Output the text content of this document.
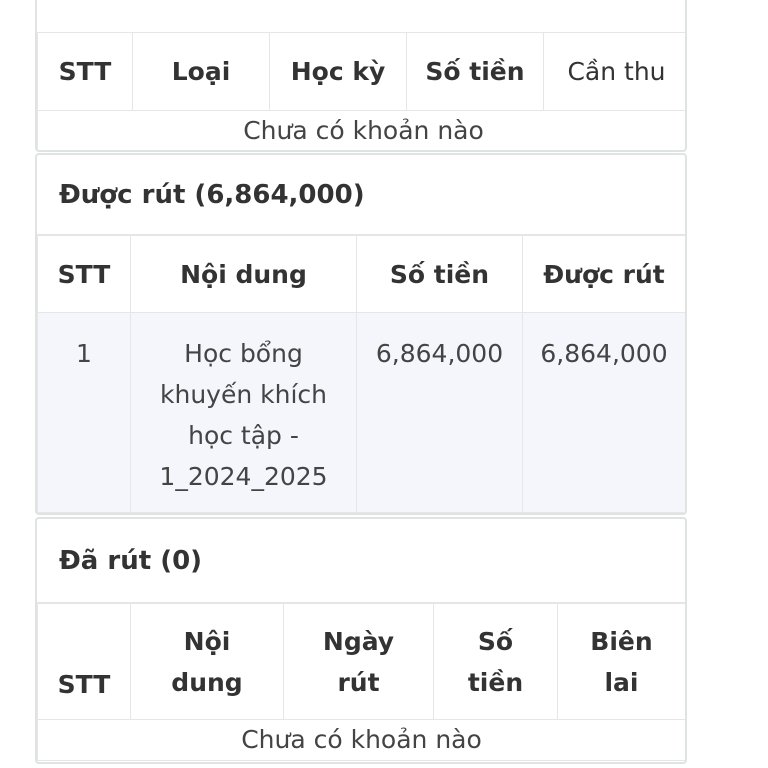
STT	Loại	Học kỳ	Số tiền	Cần thu
Chưa có khoản nào
Được rút (6,864,000)
STT	Nội dung	Số tiền	Được rút

1	Học bổng khuyến khích học tập - 1_2024_2025	6,864,000	6,864,000
Đã rút (0)
STT	Nội dung	Ngày rút	Số tiền	Biên lai
Chưa có khoản nào
